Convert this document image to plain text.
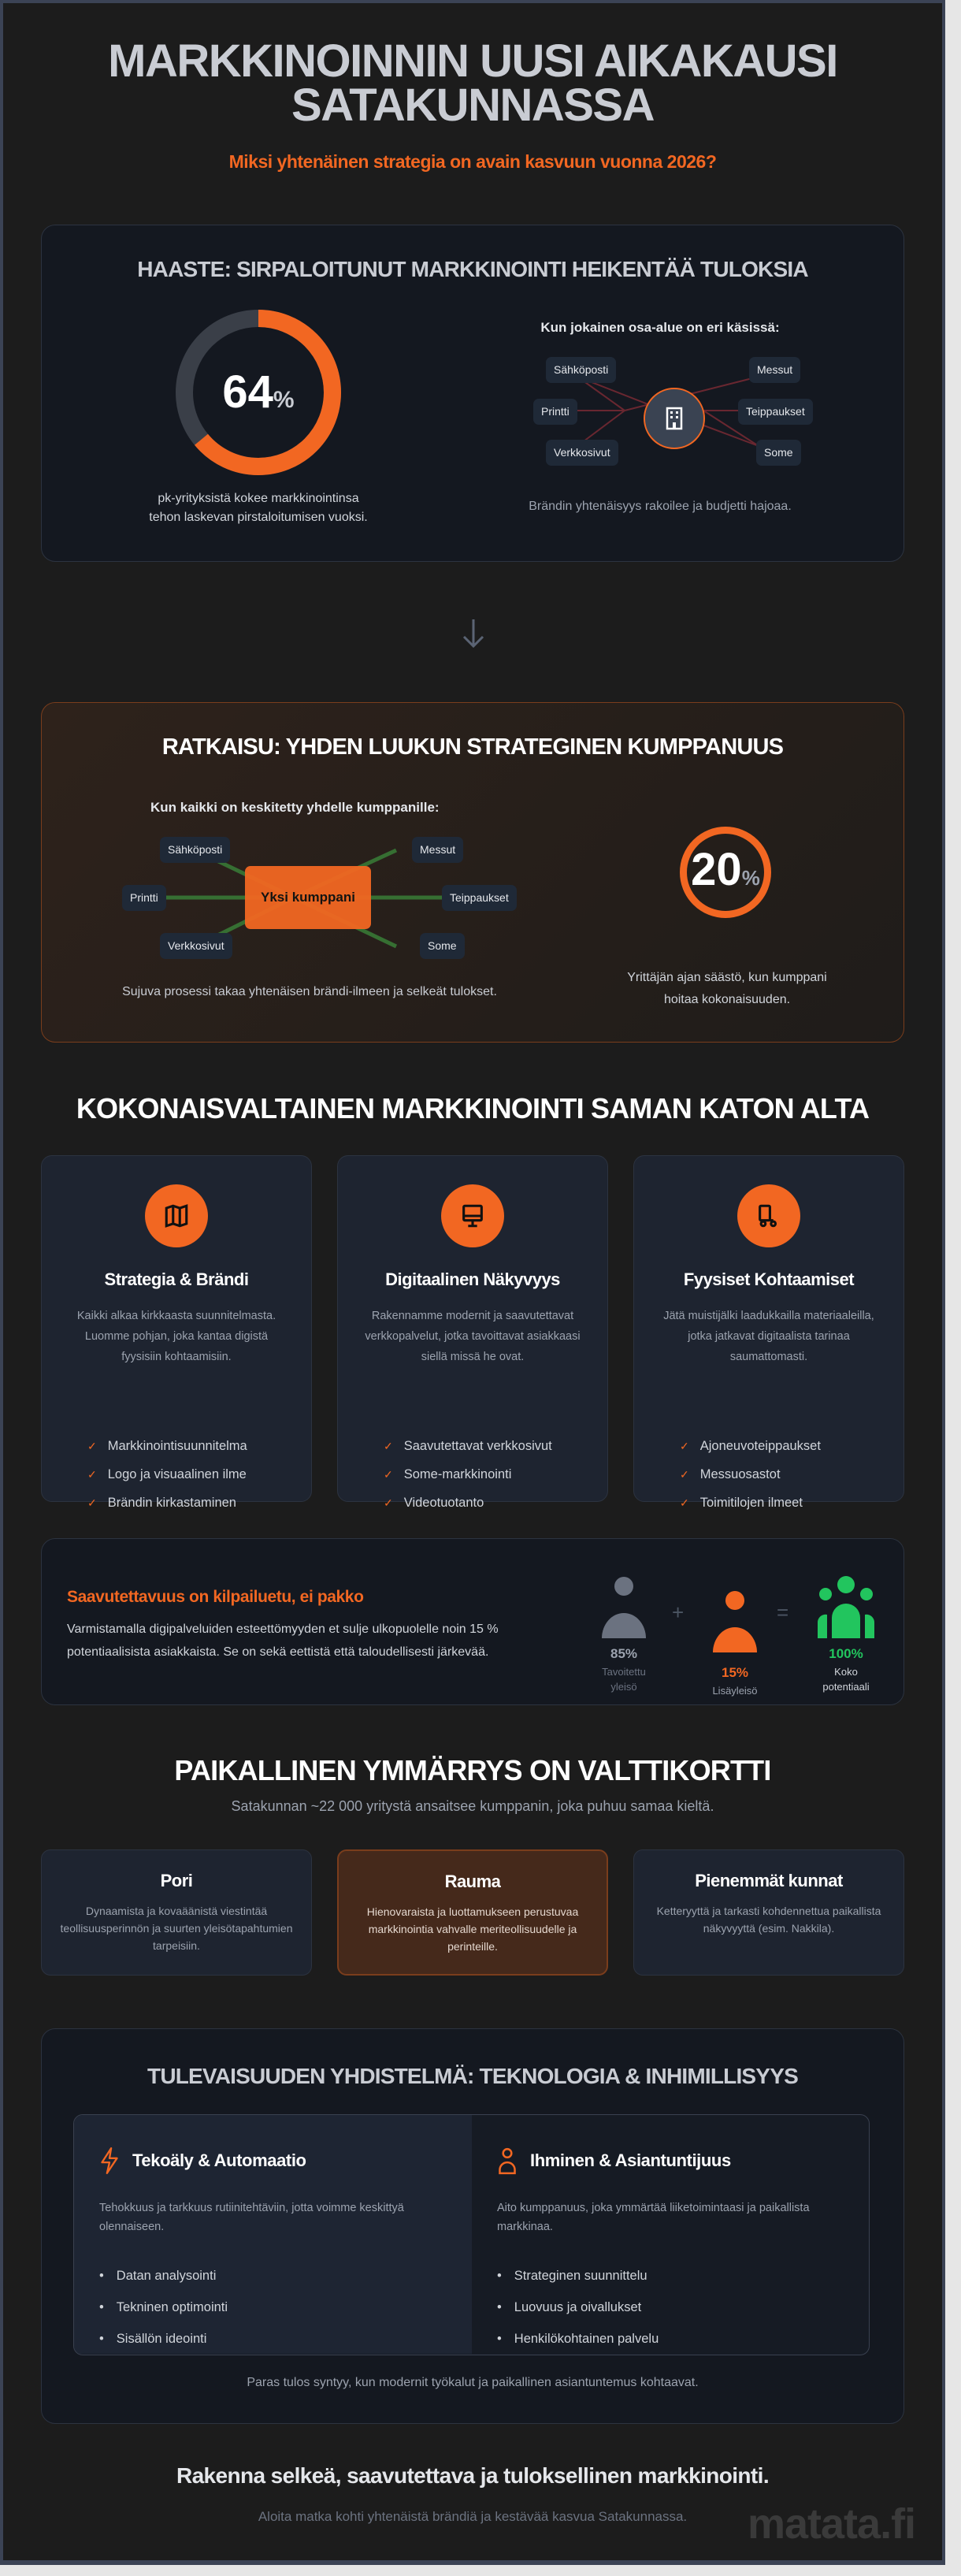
MARKKINOINNIN UUSI AIKAKAUSI
SATAKUNNASSA
Miksi yhtenäinen strategia on avain kasvuun vuonna 2026?
HAASTE: SIRPALOITUNUT MARKKINOINTI HEIKENTÄÄ TULOKSIA
64%
pk-yrityksistä kokee markkinointinsa
tehon laskevan pirstaloitumisen vuoksi.
Kun jokainen osa-alue on eri käsissä:
Sähköposti	Messut
Printti	Teippaukset
Verkkosivut	Some
Brändin yhtenäisyys rakoilee ja budjetti hajoaa.
RATKAISU: YHDEN LUUKUN STRATEGINEN KUMPPANUUS
Kun kaikki on keskitetty yhdelle kumppanille:
Yksi kumppani
Sähköposti	Messut
Printti	Teippaukset
Verkkosivut	Some
Sujuva prosessi takaa yhtenäisen brändi-ilmeen ja selkeät tulokset.
20%
Yrittäjän ajan säästö, kun kumppani
hoitaa kokonaisuuden.
KOKONAISVALTAINEN MARKKINOINTI SAMAN KATON ALTA
Strategia & Brändi

Kaikki alkaa kirkkaasta suunnitelmasta. Luomme pohjan, joka kantaa digistä fyysisiin kohtaamisiin.

✓ Markkinointisuunnitelma
✓ Logo ja visuaalinen ilme
✓ Brändin kirkastaminen
Digitaalinen Näkyvyys

Rakennamme modernit ja saavutettavat verkkopalvelut, jotka tavoittavat asiakkaasi siellä missä he ovat.

✓ Saavutettavat verkkosivut
✓ Some-markkinointi
✓ Videotuotanto
Fyysiset Kohtaamiset

Jätä muistijälki laadukkailla materiaaleilla, jotka jatkavat digitaalista tarinaa saumattomasti.

✓ Ajoneuvoteippaukset
✓ Messuosastot
✓ Toimitilojen ilmeet
Saavutettavuus on kilpailuetu, ei pakko
Varmistamalla digipalveluiden esteettömyyden et sulje ulkopuolelle noin 15 % potentiaalisista asiakkaista. Se on sekä eettistä että taloudellisesti järkevää.	85%
Tavoitettu
yleisö
+
15%
Lisäyleisö
=
100%
Koko
potentiaali
PAIKALLINEN YMMÄRRYS ON VALTTIKORTTI
Satakunnan ~22 000 yritystä ansaitsee kumppanin, joka puhuu samaa kieltä.
Pori

Dynaamista ja kovaäänistä viestintää teollisuusperinnön ja suurten yleisötapahtumien tarpeisiin.

Rauma

Hienovaraista ja luottamukseen perustuvaa markkinointia vahvalle meriteollisuudelle ja perinteille.

Pienemmät kunnat

Ketteryyttä ja tarkasti kohdennettua paikallista näkyvyyttä (esim. Nakkila).

TULEVAISUUDEN YHDISTELMÄ: TEKNOLOGIA & INHIMILLISYYS
Tekoäly & Automaatio

Tehokkuus ja tarkkuus rutiinitehtäviin, jotta voimme keskittyä olennaiseen.

• Datan analysointi
• Tekninen optimointi
• Sisällön ideointi
Ihminen & Asiantuntijuus

Aito kumppanuus, joka ymmärtää liiketoimintaasi ja paikallista markkinaa.

• Strateginen suunnittelu
• Luovuus ja oivallukset
• Henkilökohtainen palvelu
Paras tulos syntyy, kun modernit työkalut ja paikallinen asiantuntemus kohtaavat.
Rakenna selkeä, saavutettava ja tuloksellinen markkinointi.
Aloita matka kohti yhtenäistä brändiä ja kestävää kasvua Satakunnassa.	matata.fi
